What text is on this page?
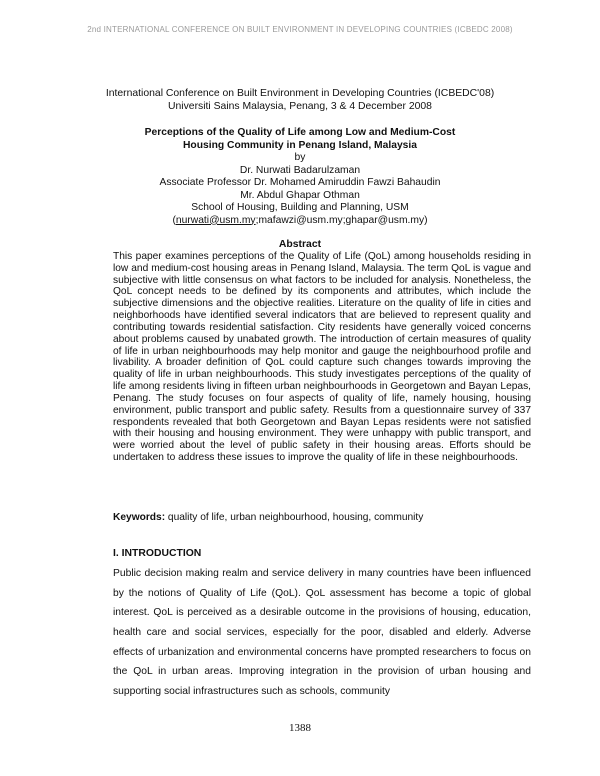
2nd INTERNATIONAL CONFERENCE ON BUILT ENVIRONMENT IN DEVELOPING COUNTRIES (ICBEDC 2008)
International Conference on Built Environment in Developing Countries (ICBEDC'08)
Universiti Sains Malaysia, Penang, 3 & 4 December 2008
Perceptions of the Quality of Life among Low and Medium-Cost
Housing Community in Penang Island, Malaysia
by
Dr. Nurwati Badarulzaman
Associate Professor Dr. Mohamed Amiruddin Fawzi Bahaudin
Mr. Abdul Ghapar Othman
School of Housing, Building and Planning, USM
(nurwati@usm.my;mafawzi@usm.my;ghapar@usm.my)
Abstract

This paper examines perceptions of the Quality of Life (QoL) among households residing in low and medium-cost housing areas in Penang Island, Malaysia. The term QoL is vague and subjective with little consensus on what factors to be included for analysis. Nonetheless, the QoL concept needs to be defined by its components and attributes, which include the subjective dimensions and the objective realities. Literature on the quality of life in cities and neighborhoods have identified several indicators that are believed to represent quality and contributing towards residential satisfaction. City residents have generally voiced concerns about problems caused by unabated growth. The introduction of certain measures of quality of life in urban neighbourhoods may help monitor and gauge the neighbourhood profile and livability. A broader definition of QoL could capture such changes towards improving the quality of life in urban neighbourhoods. This study investigates perceptions of the quality of life among residents living in fifteen urban neighbourhoods in Georgetown and Bayan Lepas, Penang. The study focuses on four aspects of quality of life, namely housing, housing environment, public transport and public safety. Results from a questionnaire survey of 337 respondents revealed that both Georgetown and Bayan Lepas residents were not satisfied with their housing and housing environment. They were unhappy with public transport, and were worried about the level of public safety in their housing areas. Efforts should be undertaken to address these issues to improve the quality of life in these neighbourhoods.

Keywords: quality of life, urban neighbourhood, housing, community
I. INTRODUCTION

Public decision making realm and service delivery in many countries have been influenced by the notions of Quality of Life (QoL). QoL assessment has become a topic of global interest. QoL is perceived as a desirable outcome in the provisions of housing, education, health care and social services, especially for the poor, disabled and elderly. Adverse effects of urbanization and environmental concerns have prompted researchers to focus on the QoL in urban areas. Improving integration in the provision of urban housing and supporting social infrastructures such as schools, community

1388
